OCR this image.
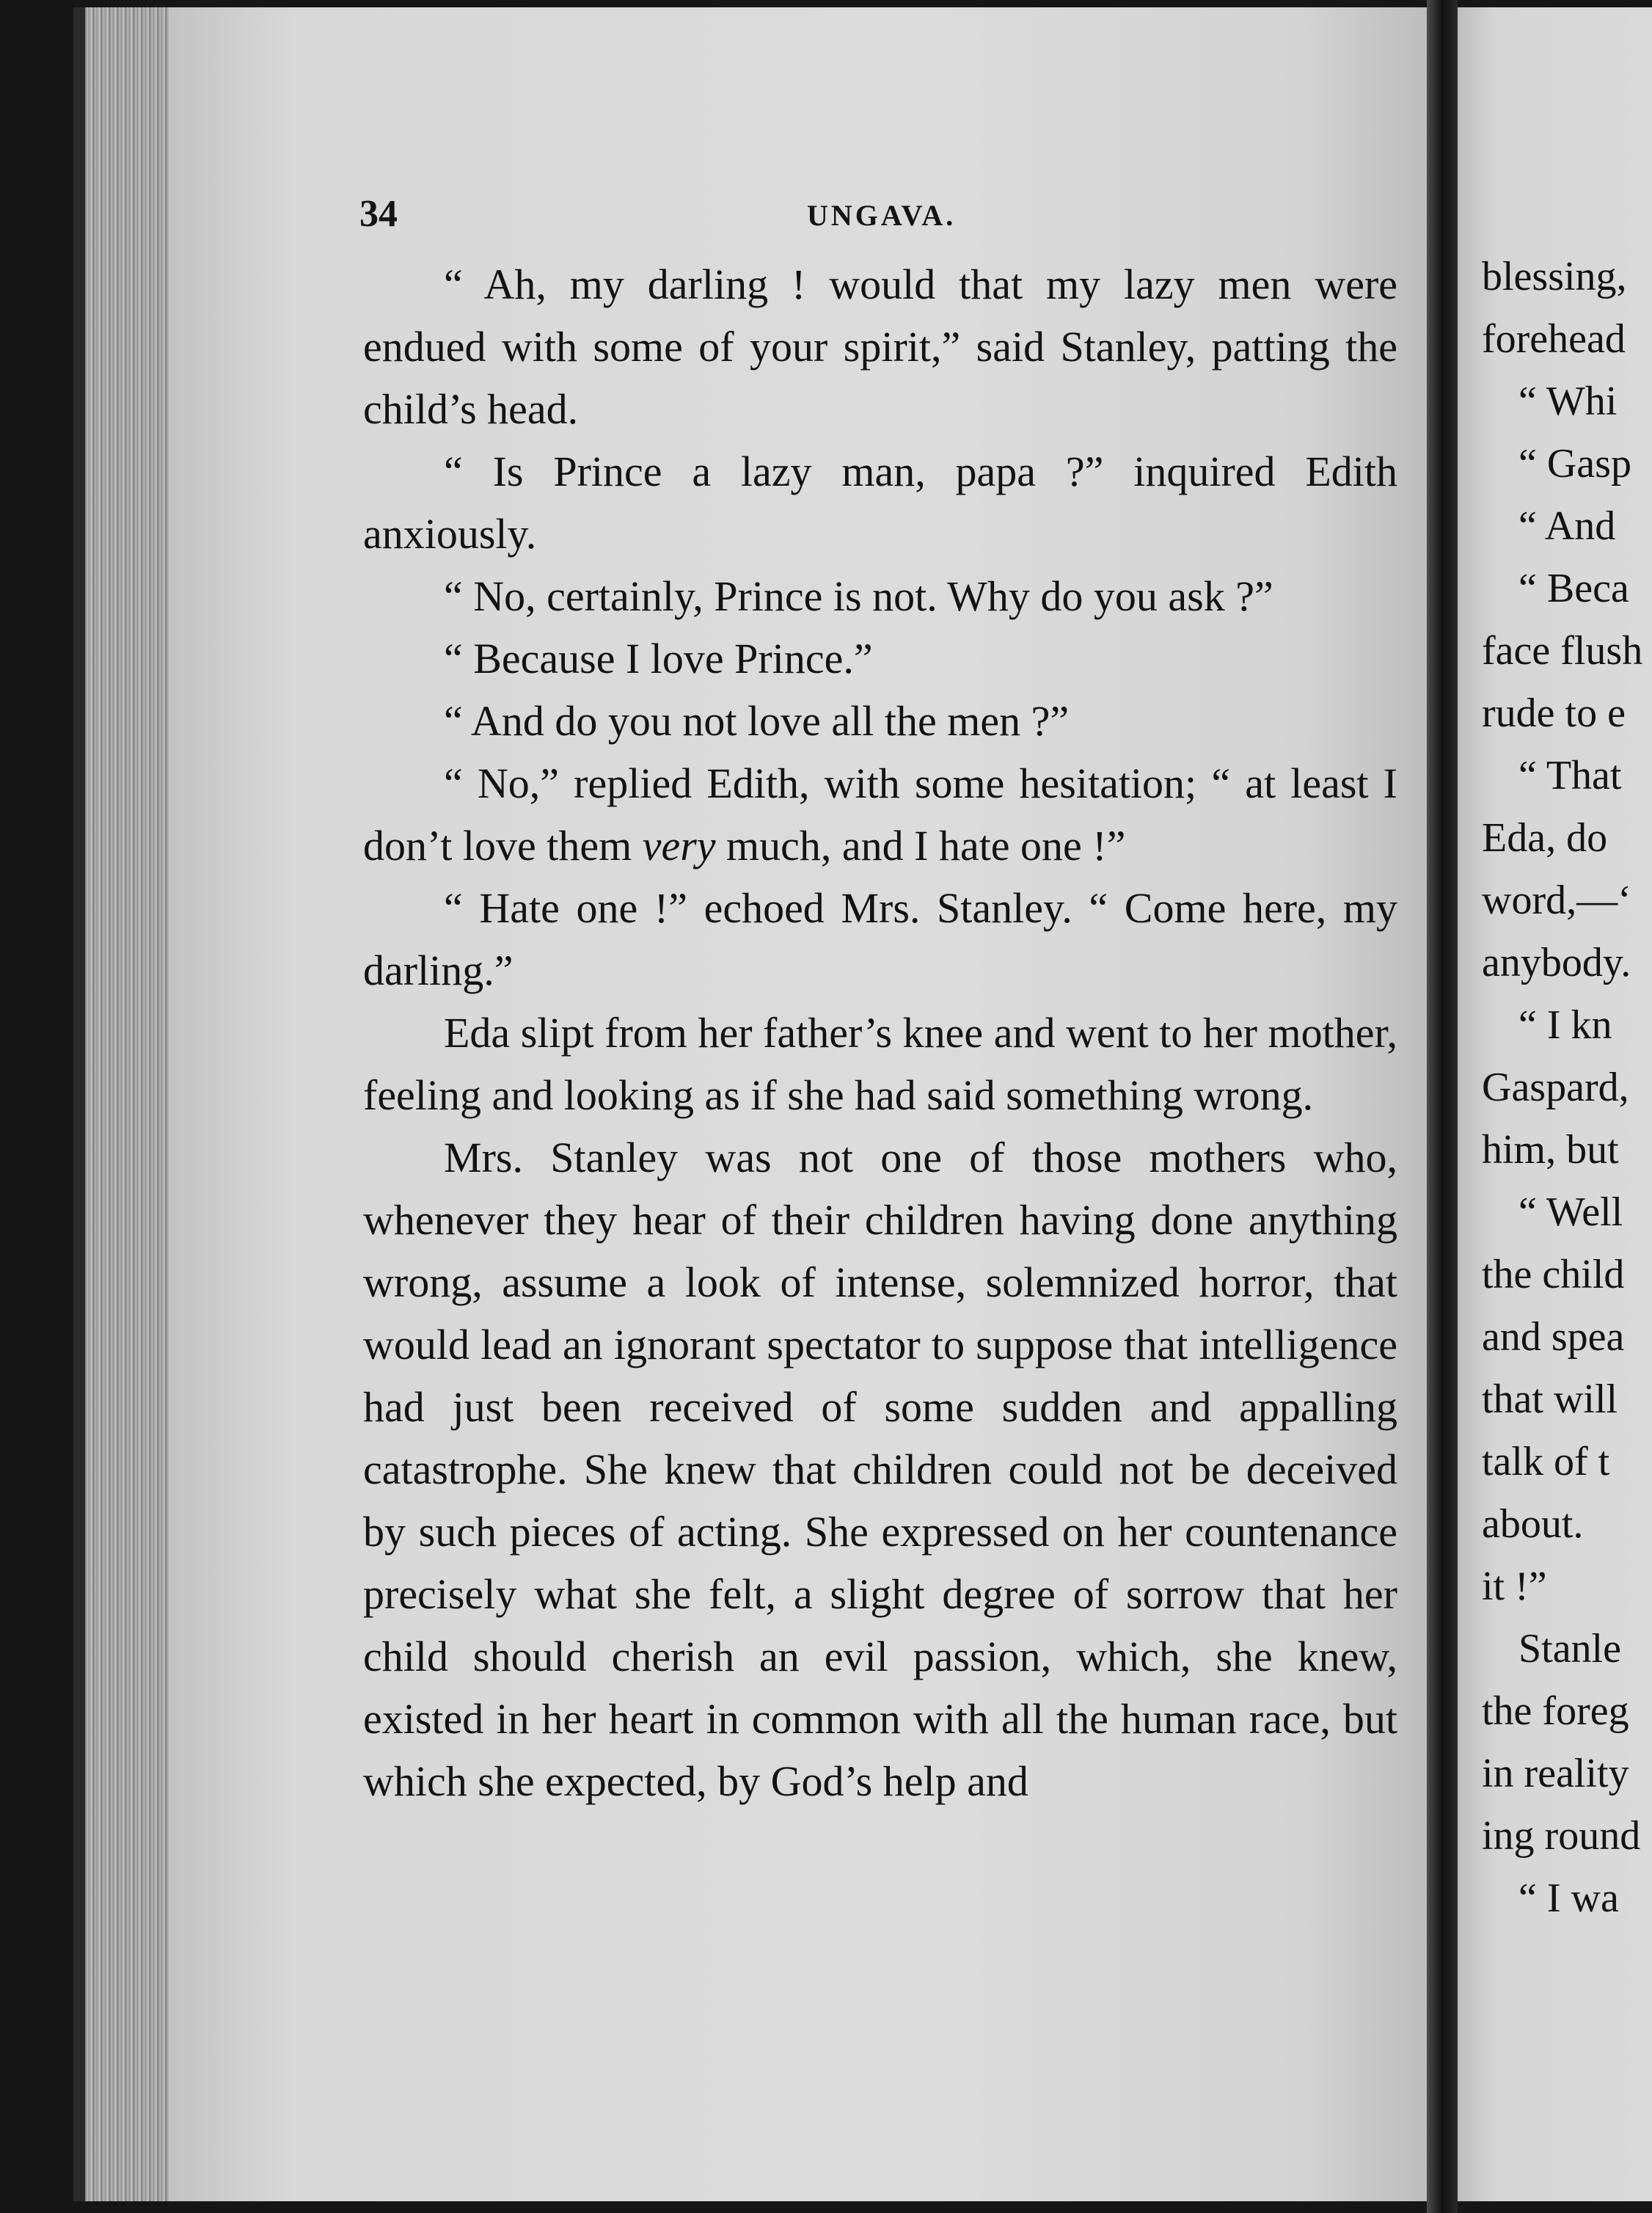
34	UNGAVA.

“ Ah, my darling ! would that my lazy men were endued with some of your spirit,” said Stanley, patting the child’s head.

“ Is Prince a lazy man, papa ?” inquired Edith anxiously.

“ No, certainly, Prince is not. Why do you ask ?”

“ Because I love Prince.”

“ And do you not love all the men ?”

“ No,” replied Edith, with some hesitation; “ at least I don’t love them very much, and I hate one !”

“ Hate one !” echoed Mrs. Stanley. “ Come here, my darling.”

Eda slipt from her father’s knee and went to her mother, feeling and looking as if she had said something wrong.

Mrs. Stanley was not one of those mothers who, whenever they hear of their children having done anything wrong, assume a look of intense, solemnized horror, that would lead an ignorant spectator to suppose that intelligence had just been received of some sudden and appalling catastrophe. She knew that children could not be deceived by such pieces of acting. She expressed on her countenance precisely what she felt, a slight degree of sorrow that her child should cherish an evil passion, which, she knew, existed in her heart in common with all the human race, but which she expected, by God’s help and

blessing,
forehead
“ Whi
“ Gasp
“ And
“ Beca
face flush
rude to e
“ That
Eda, do
word,—‘
anybody.
“ I kn
Gaspard,
him, but
“ Well
the child
and spea
that will
talk of t
about.
it !”
Stanle
the foreg
in reality
ing round
“ I wa
